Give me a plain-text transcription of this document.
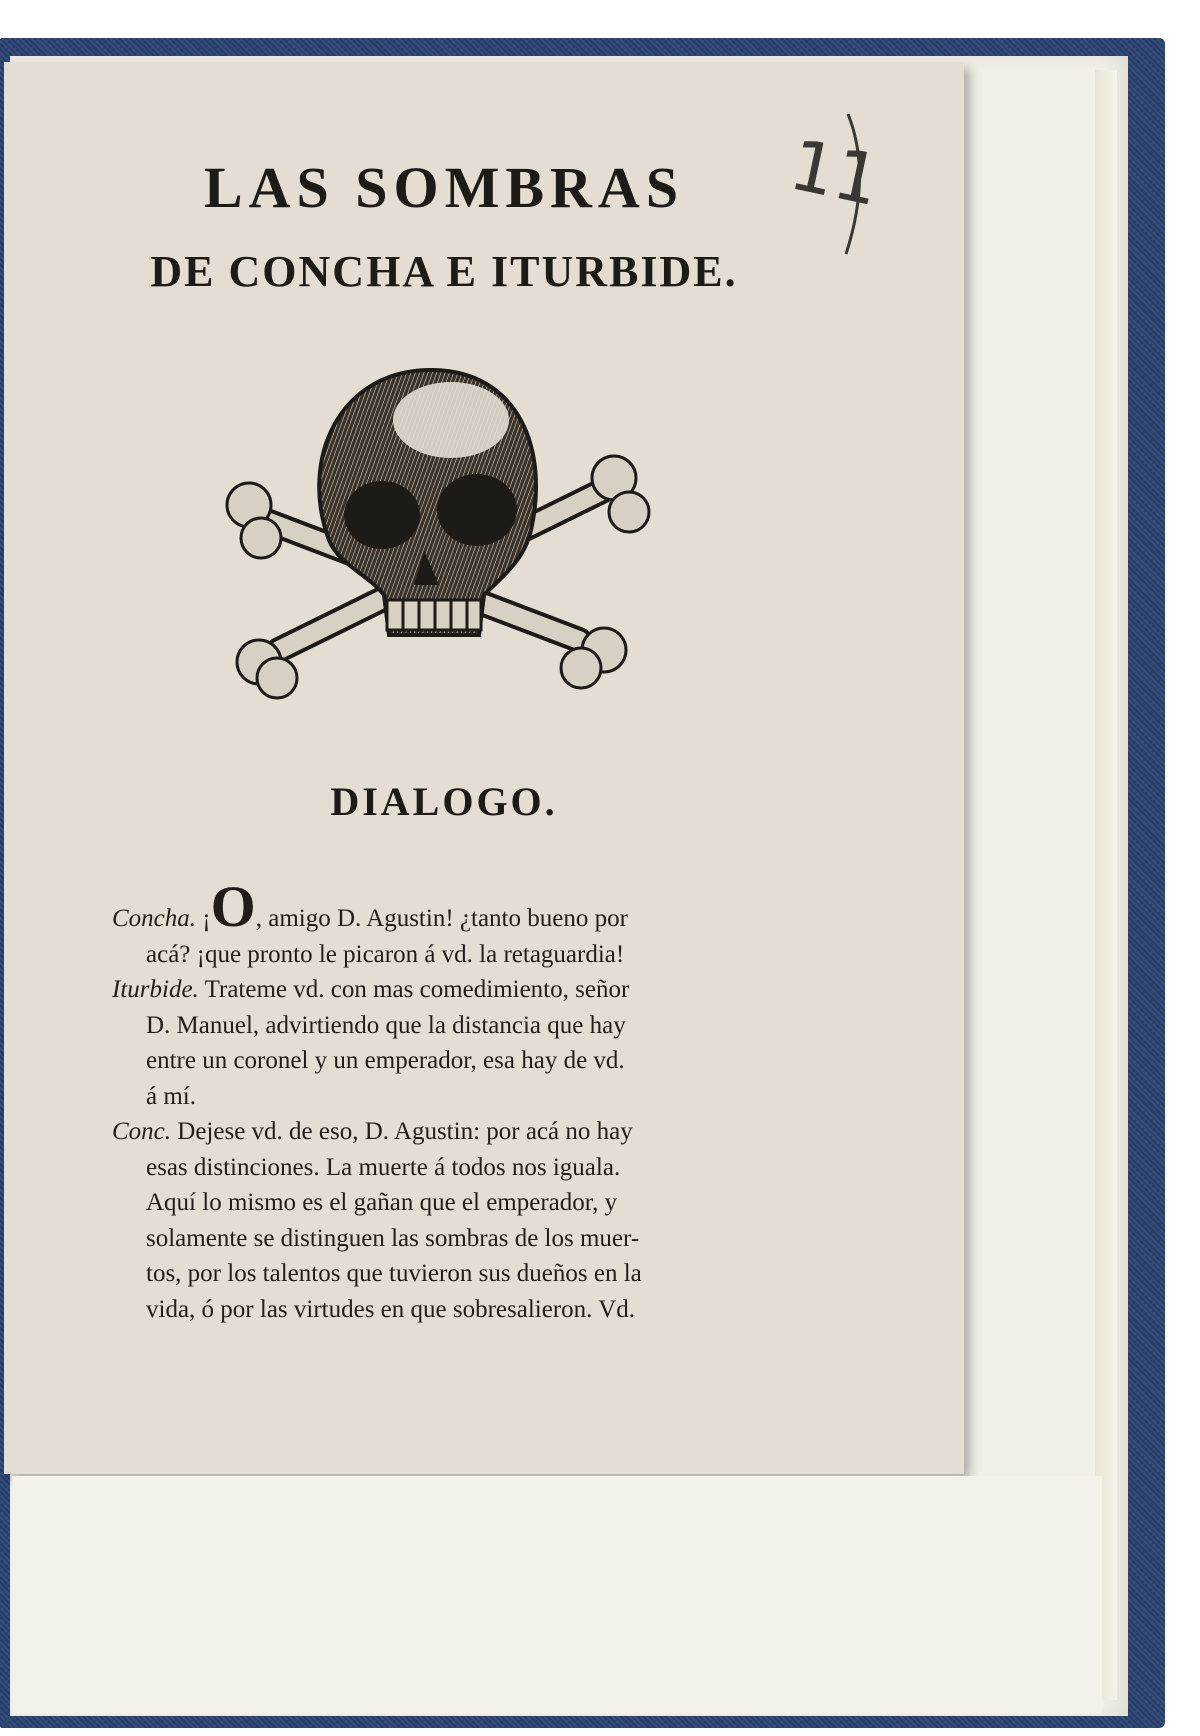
LAS SOMBRAS
DE CONCHA E ITURBIDE.
11
DIALOGO.
Concha. ¡O, amigo D. Agustin! ¿tanto bueno por
acá? ¡que pronto le picaron á vd. la retaguardia!
Iturbide. Trateme vd. con mas comedimiento, señor
D. Manuel, advirtiendo que la distancia que hay
entre un coronel y un emperador, esa hay de vd.
á mí.
Conc. Dejese vd. de eso, D. Agustin: por acá no hay
esas distinciones. La muerte á todos nos iguala.
Aquí lo mismo es el gañan que el emperador, y
solamente se distinguen las sombras de los muer-
tos, por los talentos que tuvieron sus dueños en la
vida, ó por las virtudes en que sobresalieron. Vd.
